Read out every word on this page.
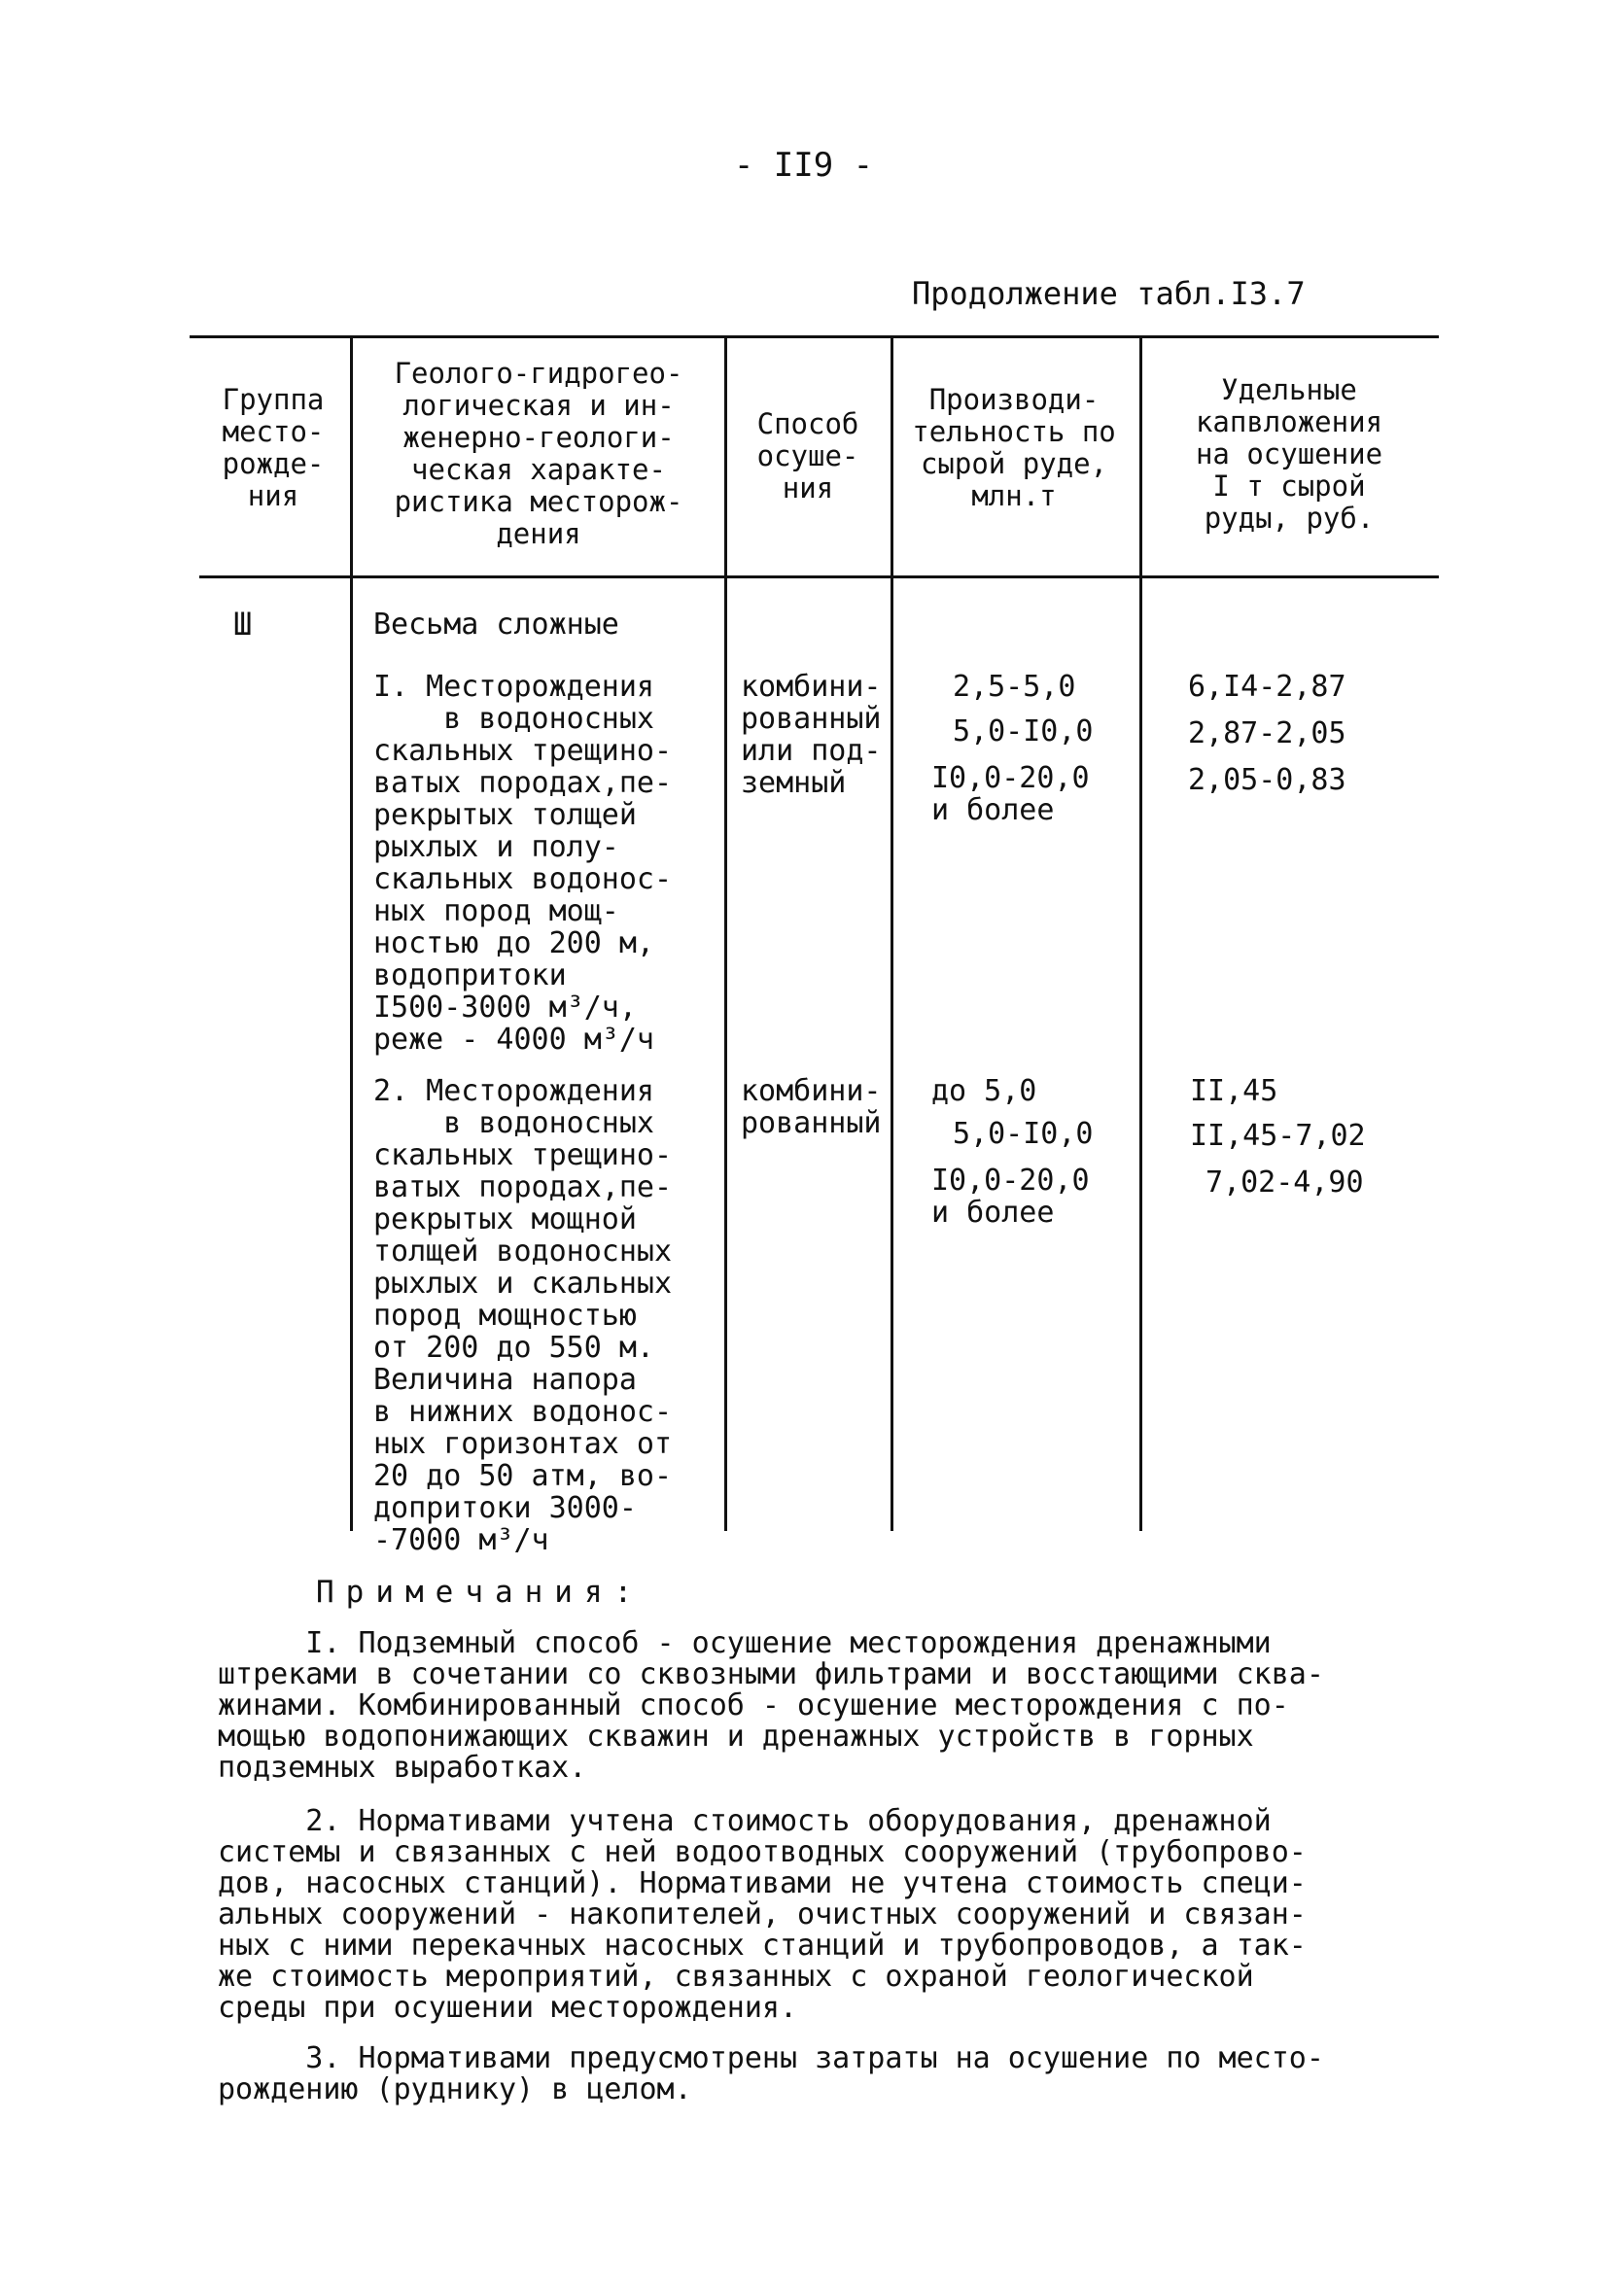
- II9 -
Продолжение табл.I3.7
Группа
место-
рожде-
ния
Геолого-гидрогео-
логическая и ин-
женерно-геологи-
ческая характе-
ристика месторож-
дения
Способ
осуше-
ния
Производи-
тельность по
сырой руде,
млн.т
Удельные
капвложения
на осушение
I т сырой
руды, руб.
Ш	Весьма сложные
I. Месторождения
в водоносных
скальных трещино-
ватых породах,пе-
рекрытых толщей
рыхлых и полу-
скальных водонос-
ных пород мощ-
ностью до 200 м,
водопритоки
I500-3000 м³/ч,
реже - 4000 м³/ч
комбини-
рованный
или под-
земный
2,5-5,0
5,0-I0,0
I0,0-20,0
и более
6,I4-2,87
2,87-2,05
2,05-0,83
2. Месторождения
в водоносных
скальных трещино-
ватых породах,пе-
рекрытых мощной
толщей водоносных
рыхлых и скальных
пород мощностью
от 200 до 550 м.
Величина напора
в нижних водонос-
ных горизонтах от
20 до 50 атм, во-
допритоки 3000-
-7000 м³/ч
комбини-
рованный
до 5,0
5,0-I0,0
I0,0-20,0
и более
II,45
II,45-7,02
7,02-4,90
Примечания:
I. Подземный способ - осушение месторождения дренажными
штреками в сочетании со сквозными фильтрами и восстающими сква-
жинами. Комбинированный способ - осушение месторождения с по-
мощью водопонижающих скважин и дренажных устройств в горных
подземных выработках.
2. Нормативами учтена стоимость оборудования, дренажной
системы и связанных с ней водоотводных сооружений (трубопрово-
дов, насосных станций). Нормативами не учтена стоимость специ-
альных сооружений - накопителей, очистных сооружений и связан-
ных с ними перекачных насосных станций и трубопроводов, а так-
же стоимость мероприятий, связанных с охраной геологической
среды при осушении месторождения.
3. Нормативами предусмотрены затраты на осушение по место-
рождению (руднику) в целом.
